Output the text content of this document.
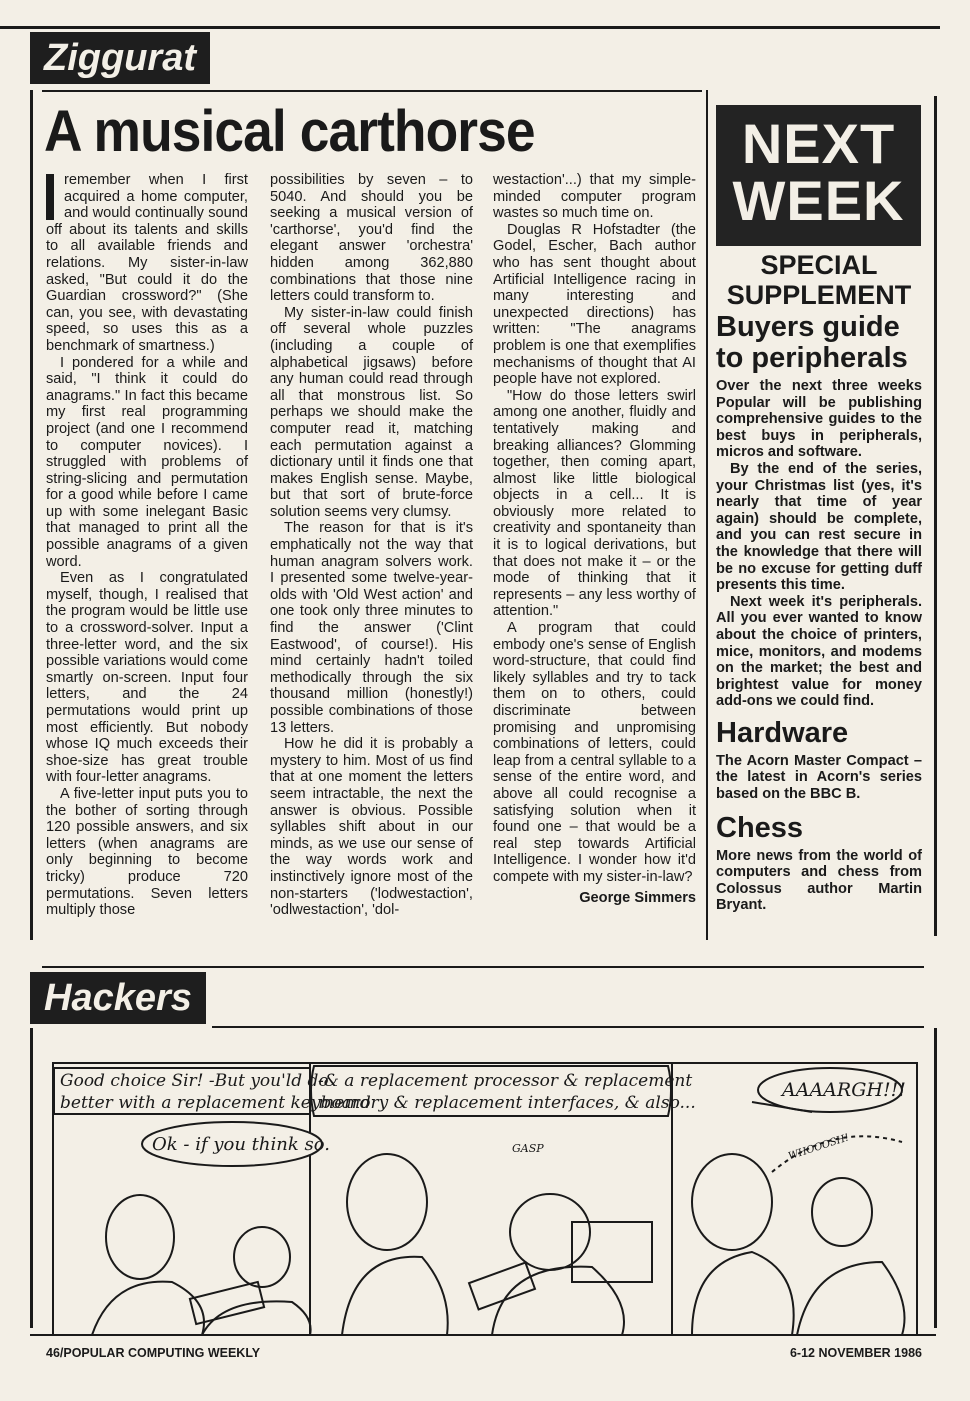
Ziggurat
A musical carthorse

remember when I first acquired a home computer, and would continually sound off about its talents and skills to all available friends and relations. My sister-in-law asked, "But could it do the Guardian crossword?" (She can, you see, with devastating speed, so uses this as a benchmark of smartness.)

I pondered for a while and said, "I think it could do anagrams." In fact this became my first real programming project (and one I recommend to computer novices). I struggled with problems of string-slicing and permutation for a good while before I came up with some inelegant Basic that managed to print all the possible anagrams of a given word.

Even as I congratulated myself, though, I realised that the program would be little use to a crossword-solver. Input a three-letter word, and the six possible variations would come smartly on-screen. Input four letters, and the 24 permutations would print up most efficiently. But nobody whose IQ much exceeds their shoe-size has great trouble with four-letter anagrams.

A five-letter input puts you to the bother of sorting through 120 possible answers, and six letters (when anagrams are only beginning to become tricky) produce 720 permutations. Seven letters multiply those

possibilities by seven – to 5040. And should you be seeking a musical version of 'carthorse', you'd find the elegant answer 'orchestra' hidden among 362,880 combinations that those nine letters could transform to.

My sister-in-law could finish off several whole puzzles (including a couple of alphabetical jigsaws) before any human could read through all that monstrous list. So perhaps we should make the computer read it, matching each permutation against a dictionary until it finds one that makes English sense. Maybe, but that sort of brute-force solution seems very clumsy.

The reason for that is it's emphatically not the way that human anagram solvers work. I presented some twelve-year-olds with 'Old West action' and one took only three minutes to find the answer ('Clint Eastwood', of course!). His mind certainly hadn't toiled methodically through the six thousand million (honestly!) possible combinations of those 13 letters.

How he did it is probably a mystery to him. Most of us find that at one moment the letters seem intractable, the next the answer is obvious. Possible syllables shift about in our minds, as we use our sense of the way words work and instinctively ignore most of the non-starters ('lodwestaction', 'odlwestaction', 'dol-

westaction'...) that my simple-minded computer program wastes so much time on.

Douglas R Hofstadter (the Godel, Escher, Bach author who has sent thought about Artificial Intelligence racing in many interesting and unexpected directions) has written: "The anagrams problem is one that exemplifies mechanisms of thought that AI people have not explored.

"How do those letters swirl among one another, fluidly and tentatively making and breaking alliances? Glomming together, then coming apart, almost like little biological objects in a cell... It is obviously more related to creativity and spontaneity than it is to logical derivations, but that does not make it – or the mode of thinking that it represents – any less worthy of attention."

A program that could embody one's sense of English word-structure, that could find likely syllables and try to tack them on to others, could discriminate between promising and unpromising combinations of letters, could leap from a central syllable to a sense of the entire word, and above all could recognise a satisfying solution when it found one – that would be a real step towards Artificial Intelligence. I wonder how it'd compete with my sister-in-law?

George Simmers
NEXT
WEEK
SPECIAL
SUPPLEMENT
Buyers guide to peripherals

Over the next three weeks Popular will be publishing comprehensive guides to the best buys in peripherals, micros and software.

By the end of the series, your Christmas list (yes, it's nearly that time of year again) should be complete, and you can rest secure in the knowledge that there will be no excuse for getting duff presents this time.

Next week it's peripherals. All you ever wanted to know about the choice of printers, mice, monitors, and modems on the market; the best and brightest value for money add-ons we could find.

Hardware

The Acorn Master Compact – the latest in Acorn's series based on the BBC B.

Chess

More news from the world of computers and chess from Colossus author Martin Bryant.

Hackers
Good choice Sir! -But you'ld do
better with a replacement keyboard
-& a replacement processor & replacement
memory & replacement interfaces, & also...
Ok - if you think so.	GASP
AAAARGH!!!
WHOOOSH!
46/POPULAR COMPUTING WEEKLY	6-12 NOVEMBER 1986
